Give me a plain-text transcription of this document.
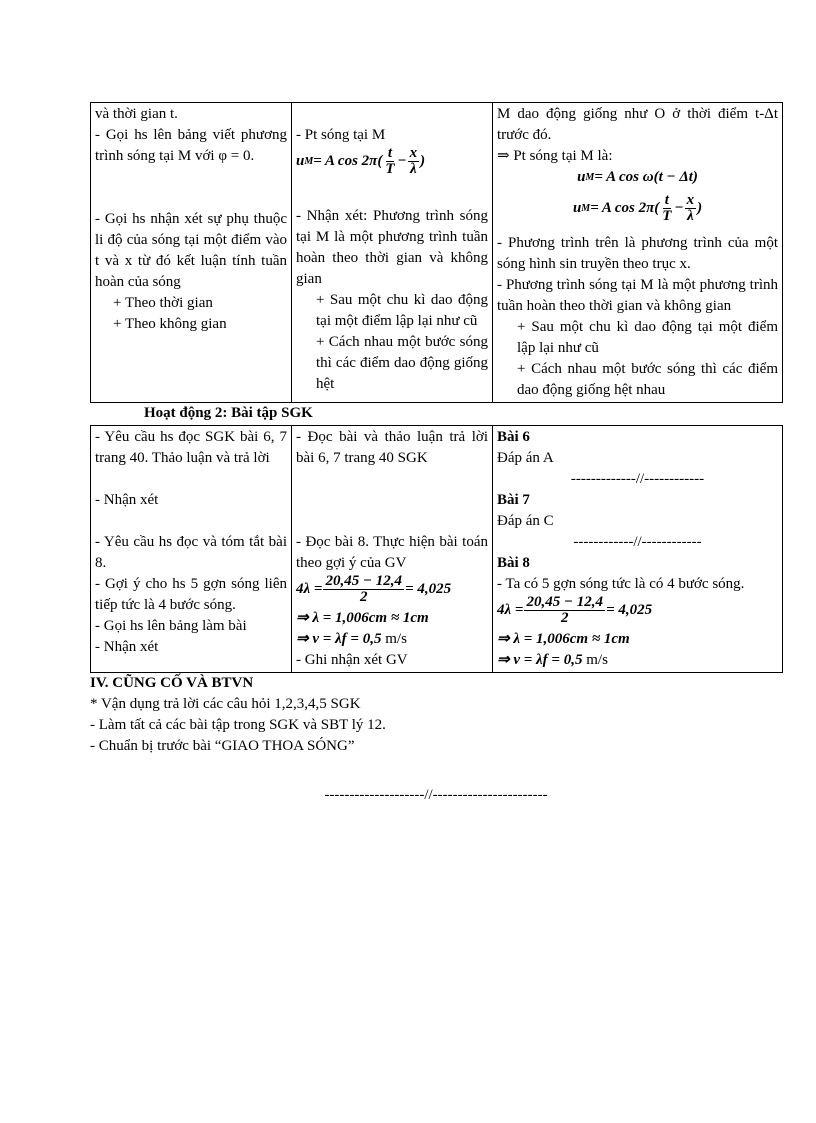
và thời gian t.
- Gọi hs lên bảng viết phương trình sóng tại M với φ = 0.
- Gọi hs nhận xét sự phụ thuộc li độ của sóng tại một điểm vào t và x từ đó kết luận tính tuần hoàn của sóng
+ Theo thời gian
+ Theo không gian

- Pt sóng tại M
u M = A $\cos 2\pi( \frac{t}{T} - \frac{x}{\lambda}$ )
- Nhận xét: Phương trình sóng tại M là một phương trình tuần hoàn theo thời gian và không gian
+ Sau một chu kì dao động tại một điểm lập lại như cũ
+ Cách nhau một bước sóng thì các điểm dao động giống hệt

M dao động giống như O ở thời điểm t-Δt trước đó.
⇒ Pt sóng tại M là:
u M = A cos ω(t − Δt)
u M = A $\cos 2\pi( \frac{t}{T} - \frac{x}{\lambda}$ )
- Phương trình trên là phương trình của một sóng hình sin truyền theo trục x.
- Phương trình sóng tại M là một phương trình tuần hoàn theo thời gian và không gian
+ Sau một chu kì dao động tại một điểm lập lại như cũ
+ Cách nhau một bước sóng thì các điểm dao động giống hệt nhau
Hoạt động 2: Bài tập SGK
- Yêu cầu hs đọc SGK bài 6, 7 trang 40. Thảo luận và trả lời
- Nhận xét
- Yêu cầu hs đọc và tóm tắt bài 8.
- Gợi ý cho hs 5 gợn sóng liên tiếp tức là 4 bước sóng.
- Gọi hs lên bảng làm bài
- Nhận xét

- Đọc bài và thảo luận trả lời bài 6, 7 trang 40 SGK
- Đọc bài 8. Thực hiện bài toán theo gợi ý của GV
$4\lambda = \frac{20,45 - 12,4}{2} = 4,025$
⇒ λ = 1,006cm ≈ 1cm
⇒ v = λf = 0,5 m/s
- Ghi nhận xét GV

Bài 6
Đáp án A
-------------//------------
Bài 7
Đáp án C
------------//------------
Bài 8
- Ta có 5 gợn sóng tức là có 4 bước sóng.
$4\lambda = \frac{20,45 - 12,4}{2} = 4,025$
⇒ λ = 1,006cm ≈ 1cm
⇒ v = λf = 0,5 m/s
IV. CŨNG CỐ VÀ BTVN
* Vận dụng trả lời các câu hỏi 1,2,3,4,5 SGK
- Làm tất cả các bài tập trong SGK và SBT lý 12.
- Chuẩn bị trước bài “GIAO THOA SÓNG”
--------------------//-----------------------
